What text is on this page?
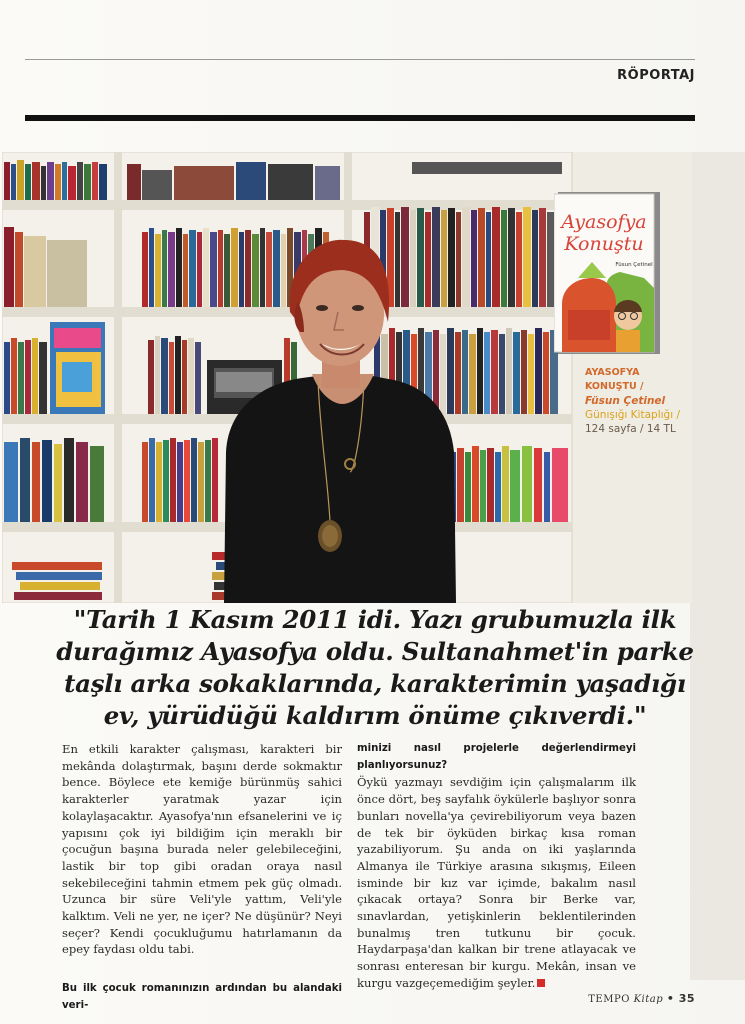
RÖPORTAJ
Ayasofya
Konuştu
Füsun Çetinel
AYASOFYA KONUŞTU /
Füsun Çetinel
Günışığı Kitaplığı /
124 sayfa / 14 TL
"Tarih 1 Kasım 2011 idi. Yazı grubumuzla ilk durağımız Ayasofya oldu. Sultanahmet'in parke taşlı arka sokaklarında, karakterimin yaşadığı ev, yürüdüğü kaldırım önüme çıkıverdi."

En etkili karakter çalışması, karakteri bir mekânda dolaştırmak, başını derde sokmaktır bence. Böylece ete kemiğe bürünmüş sahici karakterler yaratmak yazar için kolaylaşacaktır. Ayasofya'nın efsanelerini ve iç yapısını çok iyi bildiğim için meraklı bir çocuğun başına burada neler gelebileceğini, lastik bir top gibi oradan oraya nasıl sekebileceğini tahmin etmem pek güç olmadı. Uzunca bir süre Veli'yle yattım, Veli'yle kalktım. Veli ne yer, ne içer? Ne düşünür? Neyi seçer? Kendi çocukluğumu hatırlamanın da epey faydası oldu tabi.

Bu ilk çocuk romanınızın ardından bu alandaki veri-

minizi nasıl projelerle değerlendirmeyi planlıyorsunuz?

Öykü yazmayı sevdiğim için çalışmalarım ilk önce dört, beş sayfalık öykülerle başlıyor sonra bunları novella'ya çevirebiliyorum veya bazen de tek bir öyküden birkaç kısa roman yazabiliyorum. Şu anda on iki yaşlarında Almanya ile Türkiye arasına sıkışmış, Eileen isminde bir kız var içimde, bakalım nasıl çıkacak ortaya? Sonra bir Berke var, sınavlardan, yetişkinlerin beklentilerinden bunalmış tren tutkunu bir çocuk. Haydarpaşa'dan kalkan bir trene atlayacak ve sonrası enteresan bir kurgu. Mekân, insan ve kurgu vazgeçemediğim şeyler.

TEMPO Kitap • 35
